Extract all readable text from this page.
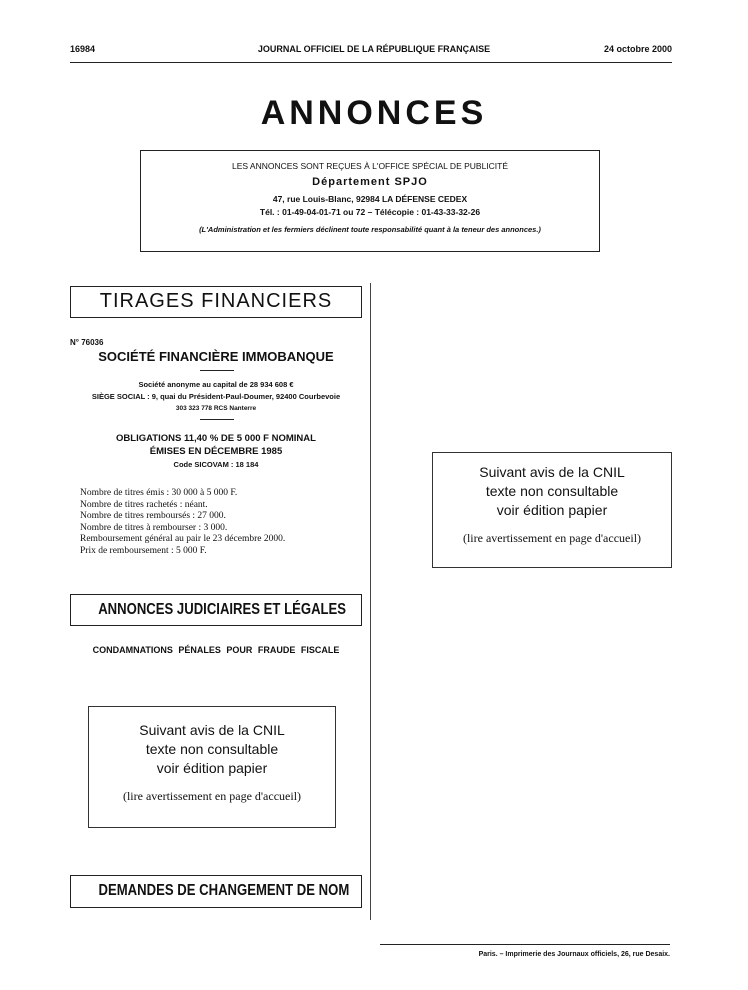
16984	JOURNAL OFFICIEL DE LA RÉPUBLIQUE FRANÇAISE	24 octobre 2000
ANNONCES
LES ANNONCES SONT REÇUES À L'OFFICE SPÉCIAL DE PUBLICITÉ
Département SPJO
47, rue Louis-Blanc, 92984 LA DÉFENSE CEDEX
Tél. : 01-49-04-01-71 ou 72 – Télécopie : 01-43-33-32-26
(L'Administration et les fermiers déclinent toute responsabilité quant à la teneur des annonces.)
TIRAGES FINANCIERS
N° 76036
SOCIÉTÉ FINANCIÈRE IMMOBANQUE
Société anonyme au capital de 28 934 608 €
SIÈGE SOCIAL : 9, quai du Président-Paul-Doumer, 92400 Courbevoie
303 323 778 RCS Nanterre
OBLIGATIONS 11,40 % DE 5 000 F NOMINAL
ÉMISES EN DÉCEMBRE 1985
Code SICOVAM : 18 184
Nombre de titres émis : 30 000 à 5 000 F.
Nombre de titres rachetés : néant.
Nombre de titres remboursés : 27 000.
Nombre de titres à rembourser : 3 000.
Remboursement général au pair le 23 décembre 2000.
Prix de remboursement : 5 000 F.
Suivant avis de la CNIL
texte non consultable
voir édition papier
(lire avertissement en page d'accueil)
ANNONCES JUDICIAIRES ET LÉGALES
CONDAMNATIONS PÉNALES POUR FRAUDE FISCALE
Suivant avis de la CNIL
texte non consultable
voir édition papier
(lire avertissement en page d'accueil)
DEMANDES DE CHANGEMENT DE NOM
Paris. – Imprimerie des Journaux officiels, 26, rue Desaix.
